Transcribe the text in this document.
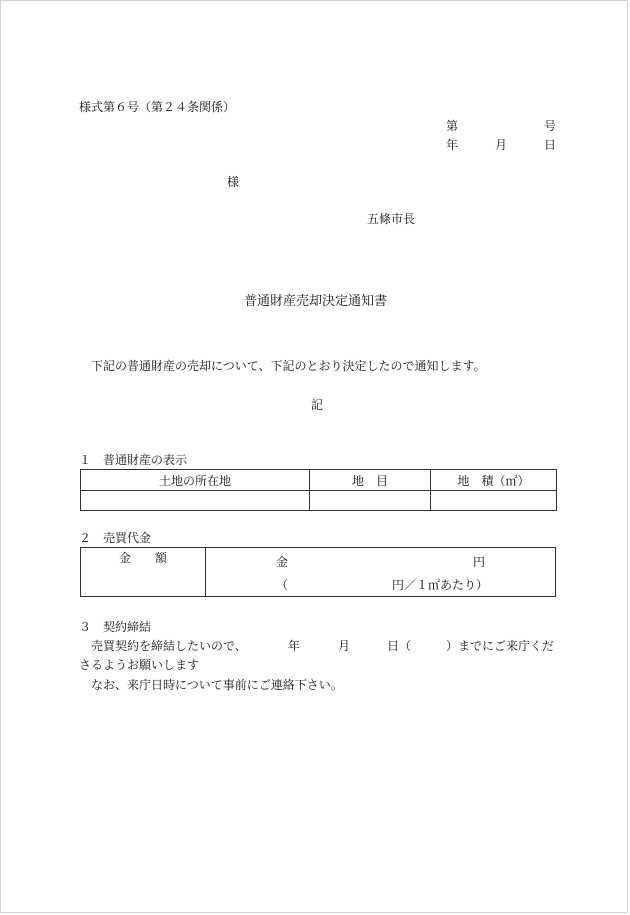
様式第６号（第２４条関係）
第	号
年	月	日
様
五條市長
普通財産売却決定通知書
下記の普通財産の売却について、下記のとおり決定したので通知します。
記
１　普通財産の表示
土地の所在地	地　目	地　積（㎡）

２　売買代金
金　　額	金	円
（	円／１㎡あたり）
３　契約締結
売買契約を締結したいので、	年	月	日（	）までにご来庁くだ
さるようお願いします
なお、来庁日時について事前にご連絡下さい。
